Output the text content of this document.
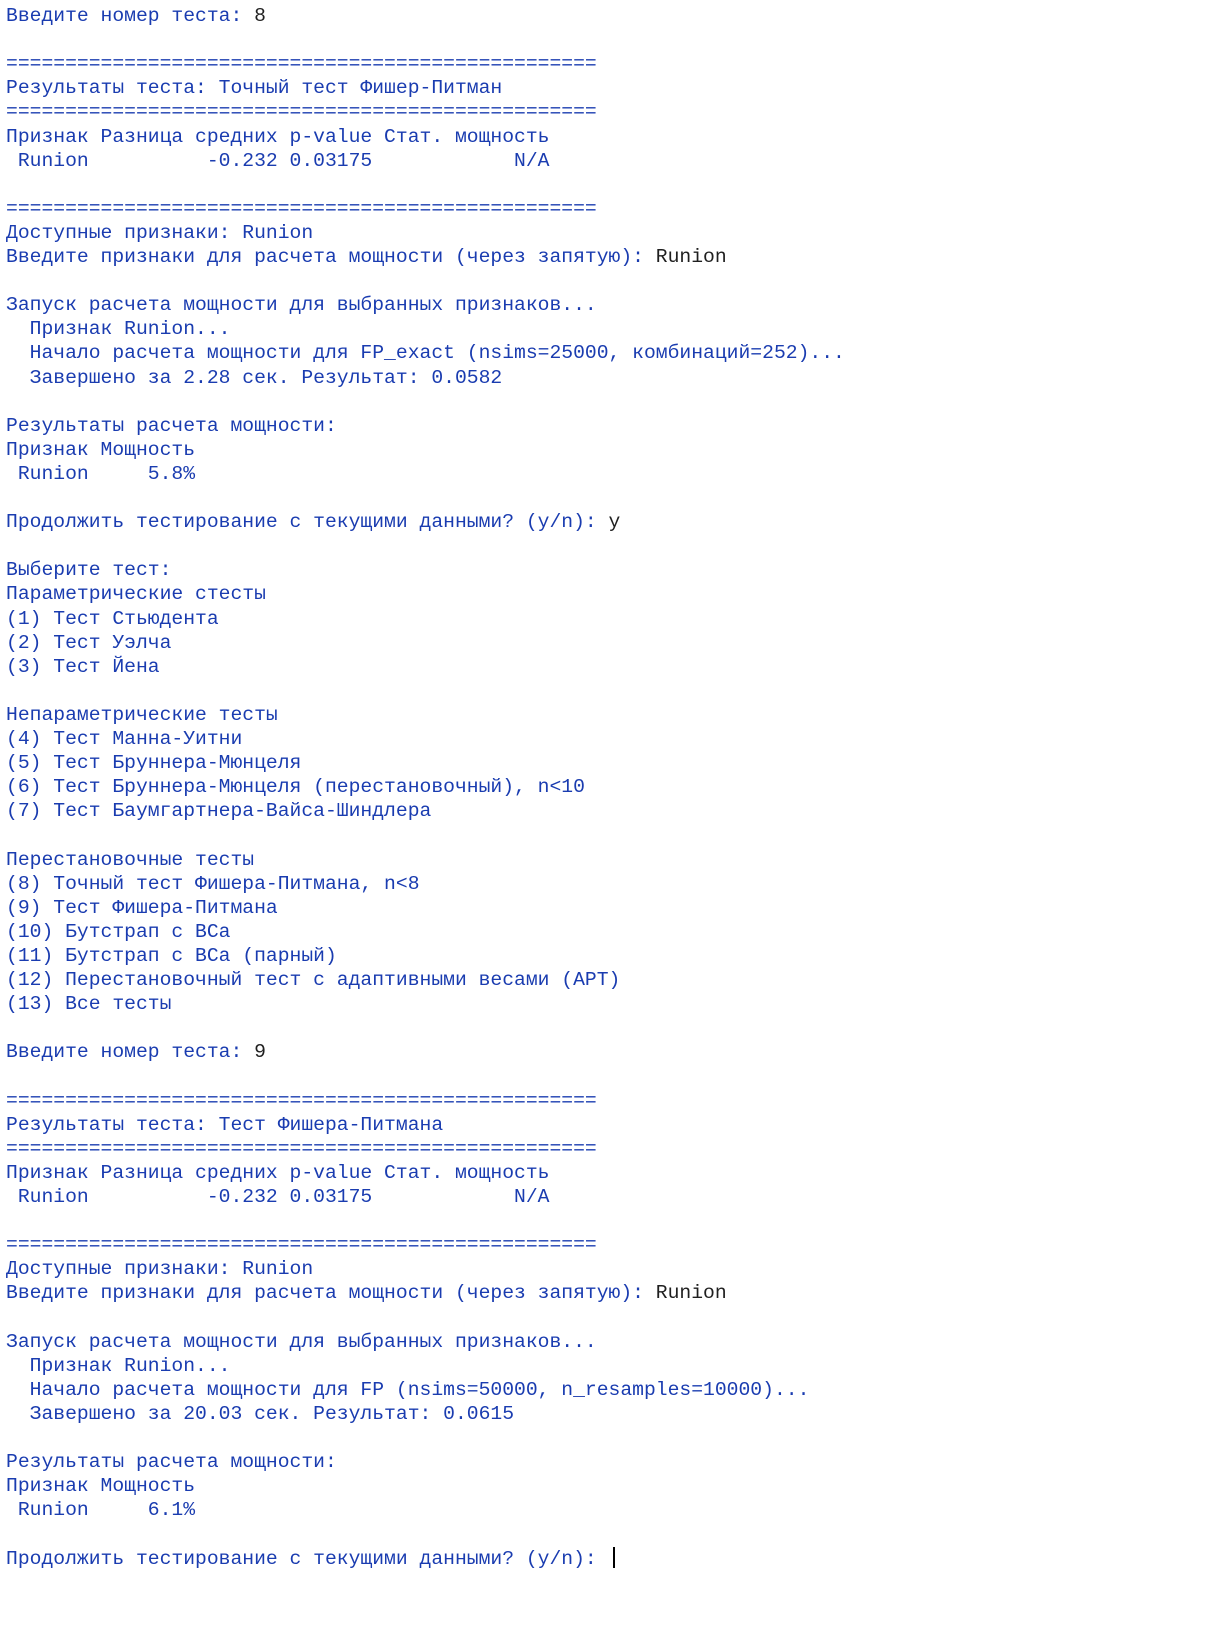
Введите номер теста: 8
==================================================
Результаты теста: Точный тест Фишер-Питман
==================================================
Признак Разница средних p-value Стат. мощность
Runion          -0.232 0.03175            N/A
==================================================
Доступные признаки: Runion
Введите признаки для расчета мощности (через запятую): Runion
Запуск расчета мощности для выбранных признаков...
Признак Runion...
Начало расчета мощности для FP_exact (nsims=25000, комбинаций=252)...
Завершено за 2.28 сек. Результат: 0.0582
Результаты расчета мощности:
Признак Мощность
Runion     5.8%
Продолжить тестирование с текущими данными? (y/n): y
Выберите тест:
Параметрические стесты
(1) Тест Стьюдента
(2) Тест Уэлча
(3) Тест Йена
Непараметрические тесты
(4) Тест Манна-Уитни
(5) Тест Бруннера-Мюнцеля
(6) Тест Бруннера-Мюнцеля (перестановочный), n<10
(7) Тест Баумгартнера-Вайса-Шиндлера
Перестановочные тесты
(8) Точный тест Фишера-Питмана, n<8
(9) Тест Фишера-Питмана
(10) Бутстрап с BCa
(11) Бутстрап с BCa (парный)
(12) Перестановочный тест с адаптивными весами (APT)
(13) Все тесты
Введите номер теста: 9
==================================================
Результаты теста: Тест Фишера-Питмана
==================================================
Признак Разница средних p-value Стат. мощность
Runion          -0.232 0.03175            N/A
==================================================
Доступные признаки: Runion
Введите признаки для расчета мощности (через запятую): Runion
Запуск расчета мощности для выбранных признаков...
Признак Runion...
Начало расчета мощности для FP (nsims=50000, n_resamples=10000)...
Завершено за 20.03 сек. Результат: 0.0615
Результаты расчета мощности:
Признак Мощность
Runion     6.1%
Продолжить тестирование с текущими данными? (y/n):
